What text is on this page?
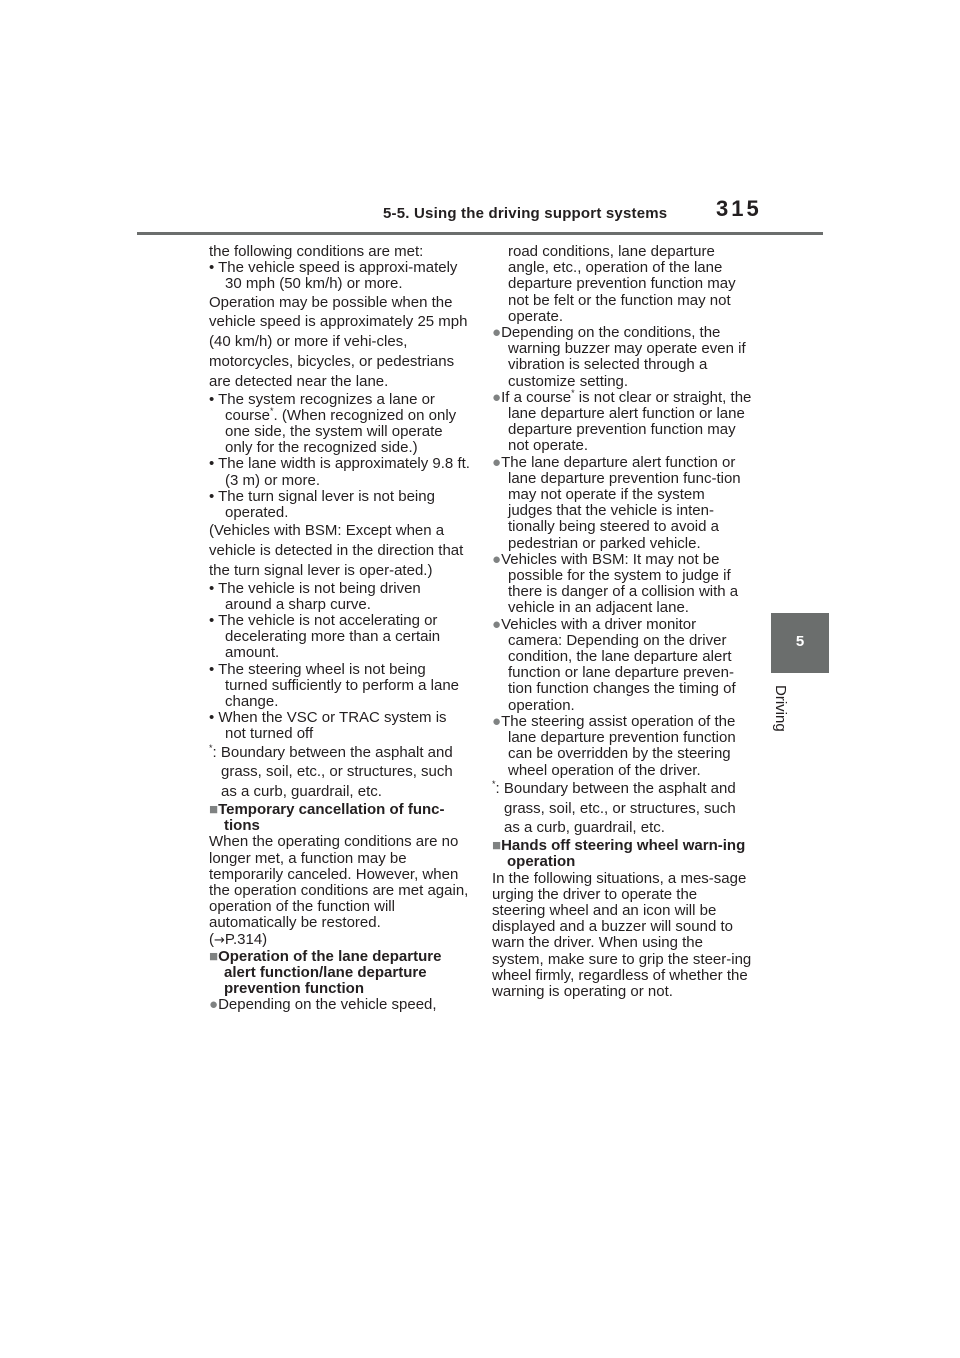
5-5. Using the driving support systems	315
5
Driving

the following conditions are met:

• The vehicle speed is approxi-mately 30 mph (50 km/h) or more.

Operation may be possible when the vehicle speed is approximately 25 mph (40 km/h) or more if vehi-cles, motorcycles, bicycles, or pedestrians are detected near the lane.

• The system recognizes a lane or course*. (When recognized on only one side, the system will operate only for the recognized side.)

• The lane width is approximately 9.8 ft. (3 m) or more.

• The turn signal lever is not being operated.

(Vehicles with BSM: Except when a vehicle is detected in the direction that the turn signal lever is oper-ated.)

• The vehicle is not being driven around a sharp curve.

• The vehicle is not accelerating or decelerating more than a certain amount.

• The steering wheel is not being turned sufficiently to perform a lane change.

• When the VSC or TRAC system is not turned off

*: Boundary between the asphalt and grass, soil, etc., or structures, such as a curb, guardrail, etc.

■Temporary cancellation of func-tions

When the operating conditions are no longer met, a function may be temporarily canceled. However, when the operation conditions are met again, operation of the function will automatically be restored.

(→P.314)

■Operation of the lane departure alert function/lane departure prevention function

●Depending on the vehicle speed,

road conditions, lane departure angle, etc., operation of the lane departure prevention function may not be felt or the function may not operate.

●Depending on the conditions, the warning buzzer may operate even if vibration is selected through a customize setting.

●If a course* is not clear or straight, the lane departure alert function or lane departure prevention function may not operate.

●The lane departure alert function or lane departure prevention func-tion may not operate if the system judges that the vehicle is inten-tionally being steered to avoid a pedestrian or parked vehicle.

●Vehicles with BSM: It may not be possible for the system to judge if there is danger of a collision with a vehicle in an adjacent lane.

●Vehicles with a driver monitor camera: Depending on the driver condition, the lane departure alert function or lane departure preven-tion function changes the timing of operation.

●The steering assist operation of the lane departure prevention function can be overridden by the steering wheel operation of the driver.

*: Boundary between the asphalt and grass, soil, etc., or structures, such as a curb, guardrail, etc.

■Hands off steering wheel warn-ing operation

In the following situations, a mes-sage urging the driver to operate the steering wheel and an icon will be displayed and a buzzer will sound to warn the driver. When using the system, make sure to grip the steer-ing wheel firmly, regardless of whether the warning is operating or not.
